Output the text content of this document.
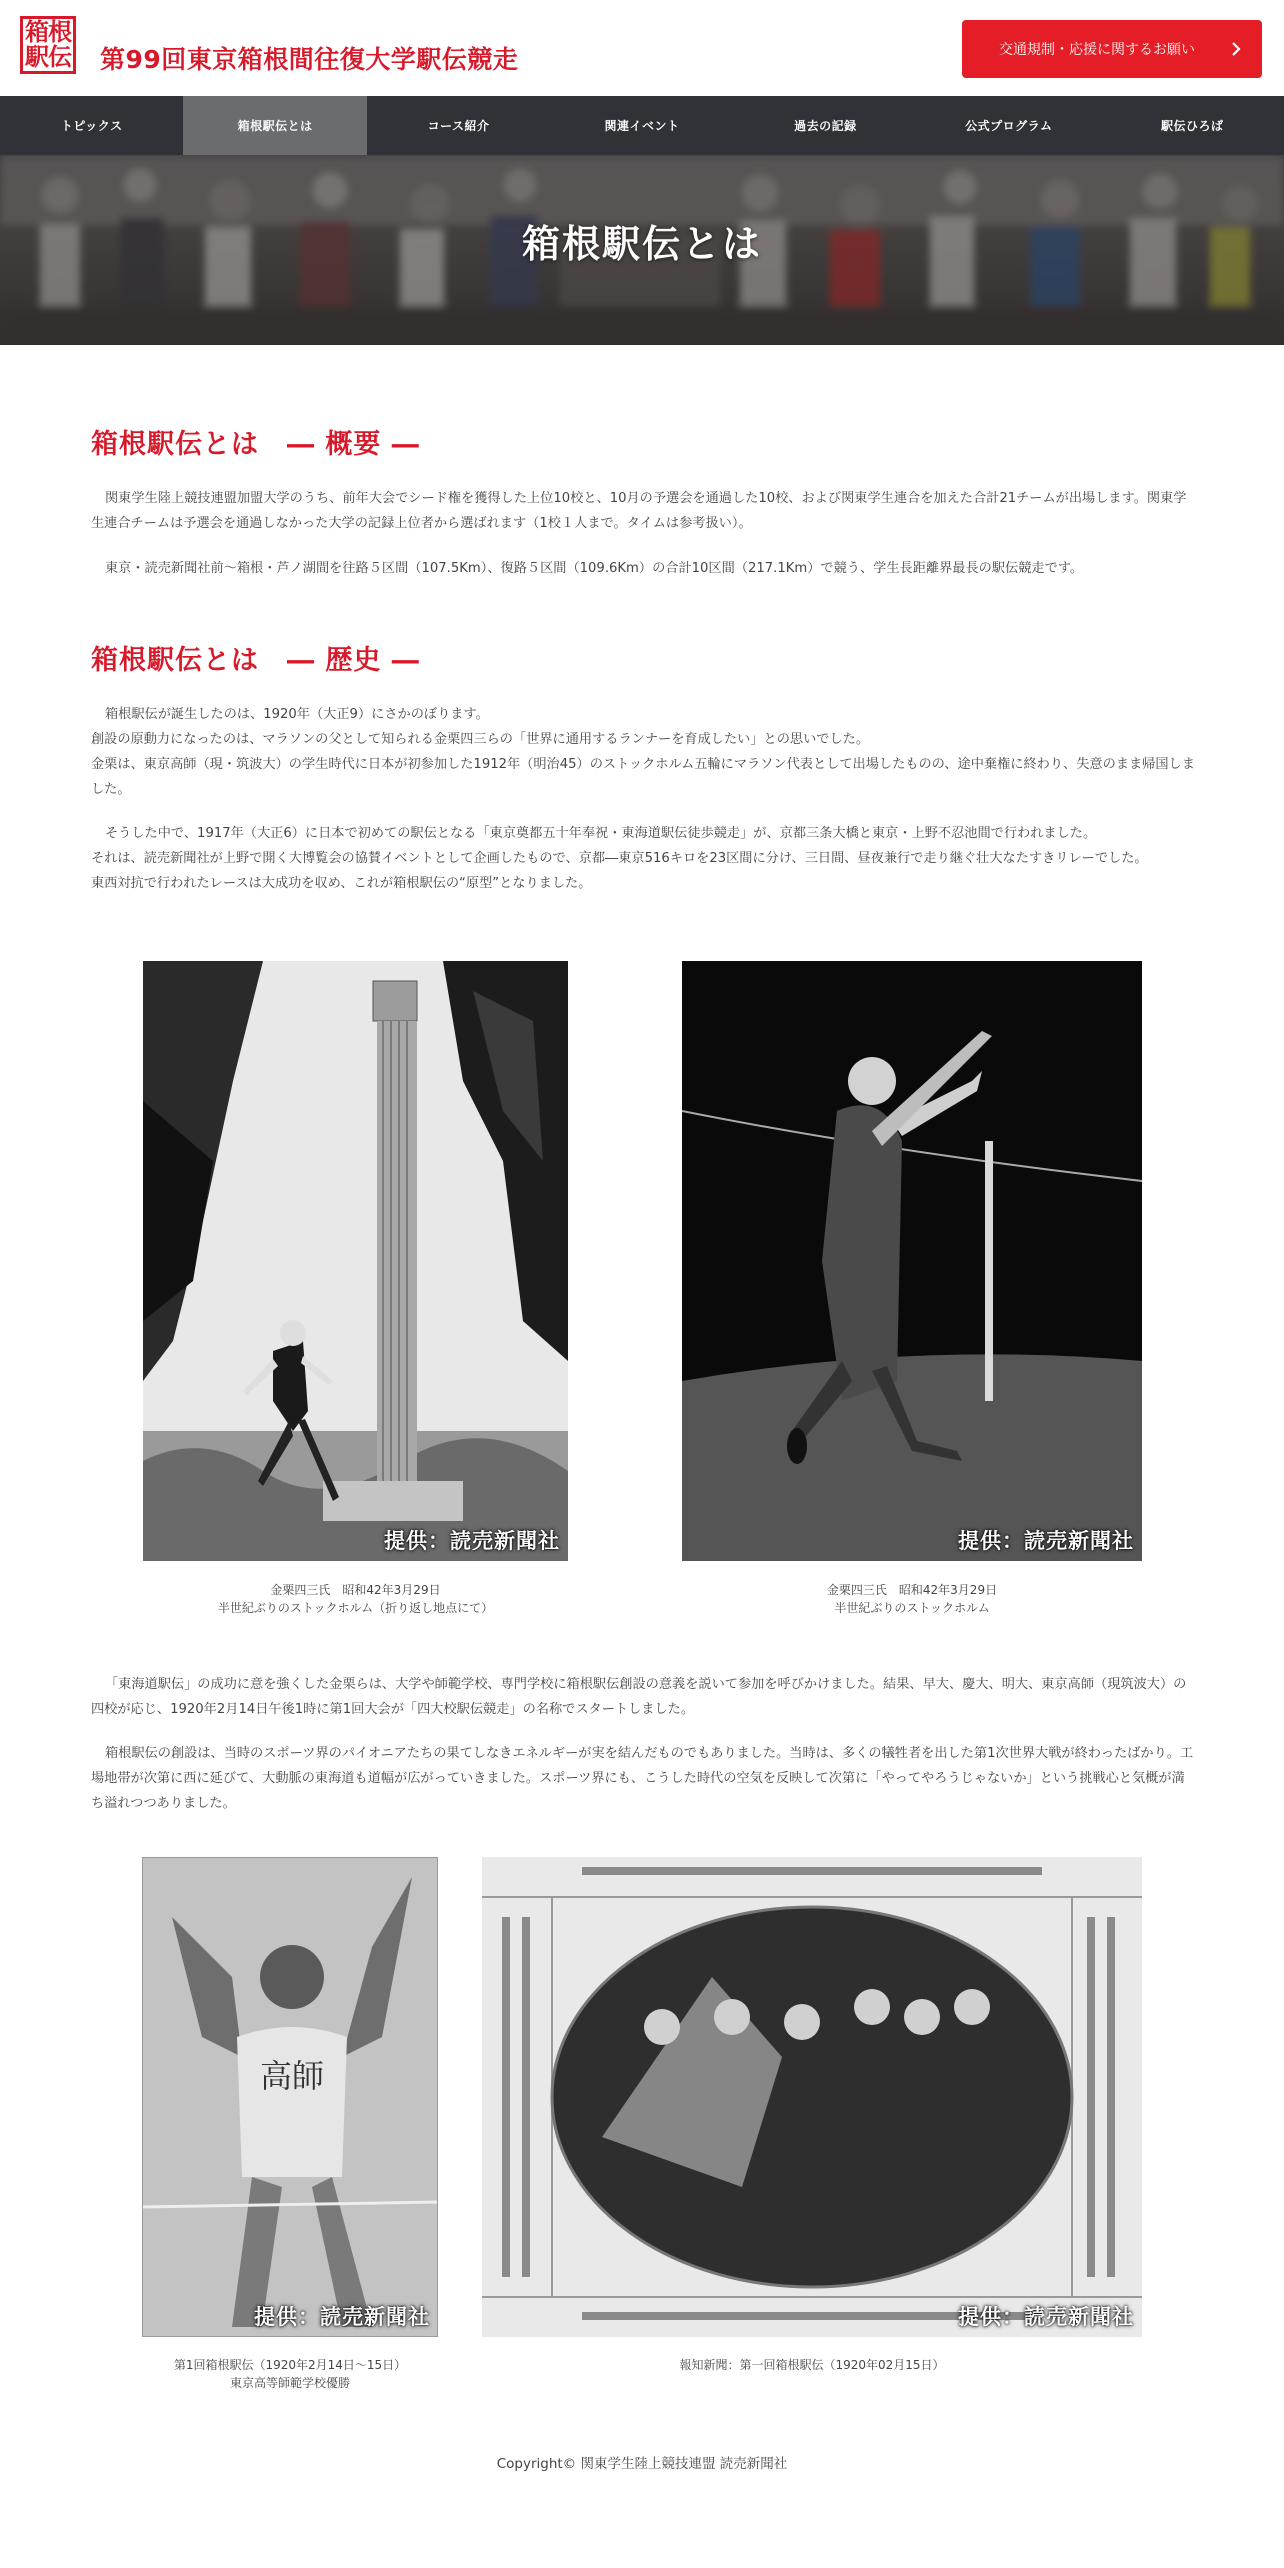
箱根
駅伝 第99回東京箱根間往復大学駅伝競走	交通規制・応援に関するお願い
トピックス	箱根駅伝とは	コース紹介	関連イベント	過去の記録	公式プログラム	駅伝ひろば
箱根駅伝とは
箱根駅伝とは　― 概要 ―

関東学生陸上競技連盟加盟大学のうち、前年大会でシード権を獲得した上位10校と、10月の予選会を通過した10校、および関東学生連合を加えた合計21チームが出場します。関東学生連合チームは予選会を通過しなかった大学の記録上位者から選ばれます（1校１人まで。タイムは参考扱い）。

東京・読売新聞社前～箱根・芦ノ湖間を往路５区間（107.5Km）、復路５区間（109.6Km）の合計10区間（217.1Km）で競う、学生長距離界最長の駅伝競走です。

箱根駅伝とは　― 歴史 ―
箱根駅伝が誕生したのは、1920年（大正9）にさかのぼります。
創設の原動力になったのは、マラソンの父として知られる金栗四三らの「世界に通用するランナーを育成したい」との思いでした。
金栗は、東京高師（現・筑波大）の学生時代に日本が初参加した1912年（明治45）のストックホルム五輪にマラソン代表として出場したものの、途中棄権に終わり、失意のまま帰国しました。
そうした中で、1917年（大正6）に日本で初めての駅伝となる「東京奠都五十年奉祝・東海道駅伝徒歩競走」が、京都三条大橋と東京・上野不忍池間で行われました。
それは、読売新聞社が上野で開く大博覧会の協賛イベントとして企画したもので、京都―東京516キロを23区間に分け、三日間、昼夜兼行で走り継ぐ壮大なたすきリレーでした。
東西対抗で行われたレースは大成功を収め、これが箱根駅伝の“原型”となりました。
提供：読売新聞社
金栗四三氏　昭和42年3月29日
半世紀ぶりのストックホルム（折り返し地点にて）
提供：読売新聞社
金栗四三氏　昭和42年3月29日
半世紀ぶりのストックホルム

「東海道駅伝」の成功に意を強くした金栗らは、大学や師範学校、専門学校に箱根駅伝創設の意義を説いて参加を呼びかけました。結果、早大、慶大、明大、東京高師（現筑波大）の四校が応じ、1920年2月14日午後1時に第1回大会が「四大校駅伝競走」の名称でスタートしました。

箱根駅伝の創設は、当時のスポーツ界のパイオニアたちの果てしなきエネルギーが実を結んだものでもありました。当時は、多くの犠牲者を出した第1次世界大戦が終わったばかり。工場地帯が次第に西に延びて、大動脈の東海道も道幅が広がっていきました。スポーツ界にも、こうした時代の空気を反映して次第に「やってやろうじゃないか」という挑戦心と気概が満ち溢れつつありました。

高師
提供：読売新聞社
第1回箱根駅伝（1920年2月14日～15日）
東京高等師範学校優勝
提供：読売新聞社
報知新聞：第一回箱根駅伝（1920年02月15日）
Copyright© 関東学生陸上競技連盟 読売新聞社
